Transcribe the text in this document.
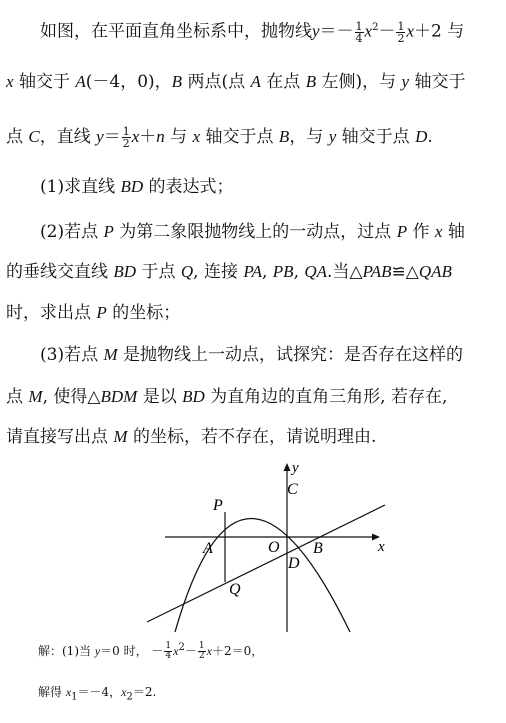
如图，在平面直角坐标系中，抛物线$y=- \frac{1}{4} x^2- \frac{1}{2} x+2$ 与
x 轴交于 A(－4，0)，B 两点(点 A 在点 B 左侧)，与 y 轴交于
点 C，直线 $y= \frac{1}{2} x+n$ 与 x 轴交于点 B，与 y 轴交于点 D.
(1)求直线 BD 的表达式；
(2)若点 P 为第二象限抛物线上的一动点，过点 P 作 x 轴
的垂线交直线 BD 于点 Q, 连接 PA, PB, QA.当△PAB≌△QAB
时，求出点 P 的坐标；
(3)若点 M 是抛物线上一动点，试探究：是否存在这样的
点 M, 使得△BDM 是以 BD 为直角边的直角三角形, 若存在,
请直接写出点 M 的坐标，若不存在，请说明理由.
y
C
P
A	O B	x
D
Q
解：(1)当 y＝0 时， － $\frac{1}{4} x^2- \frac{1}{2} x+2=0$，
解得 $x_1=-4$，$x_2=2$.
